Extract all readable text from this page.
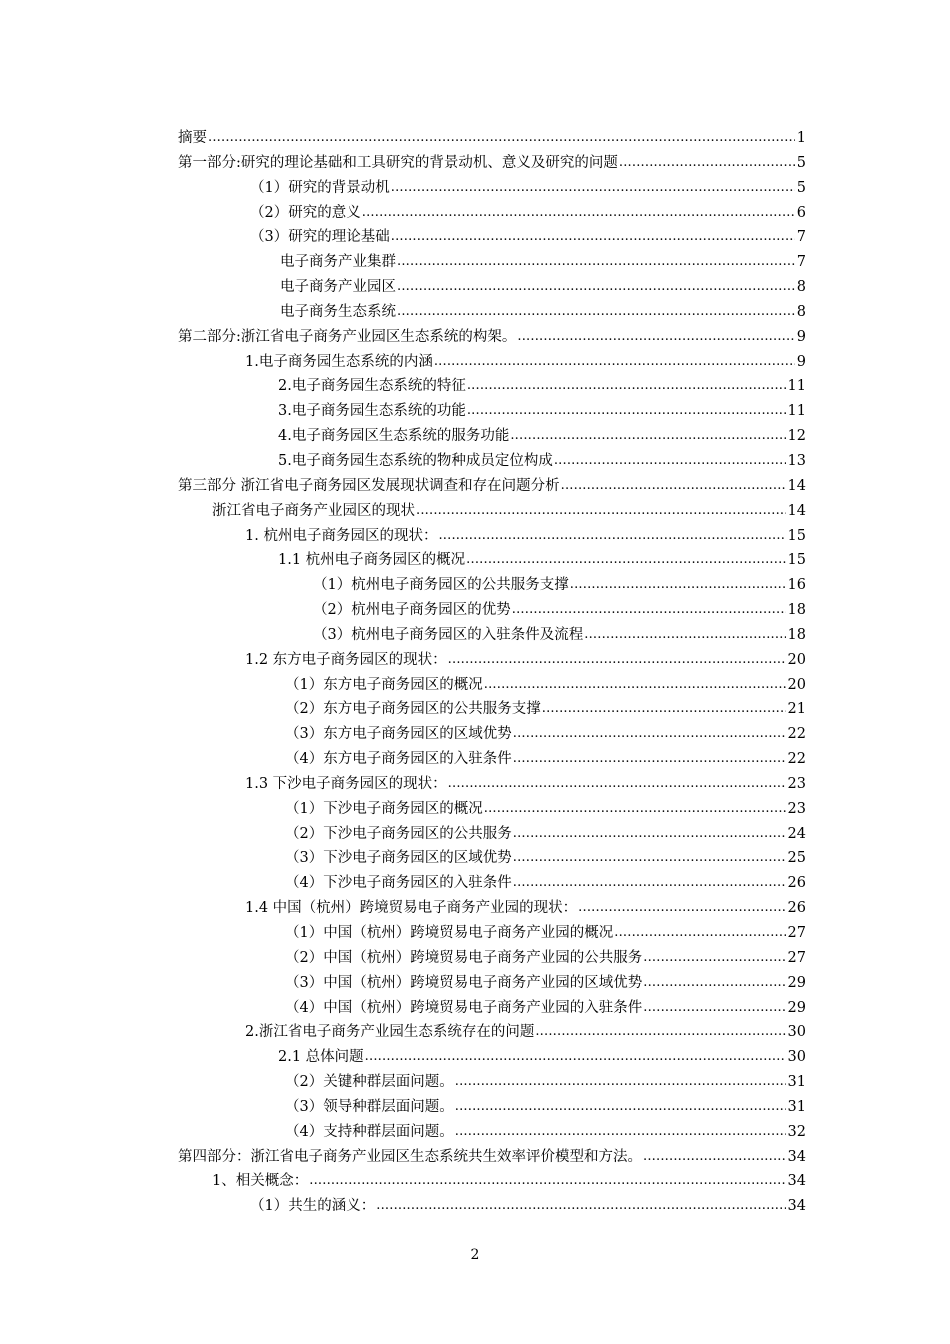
摘要 .....	1
第一部分:研究的理论基础和工具研究的背景动机、意义及研究的问题 .....	5
（1）研究的背景动机 .....	5
（2）研究的意义 .....	6
（3）研究的理论基础 .....	7
电子商务产业集群 .....	7
电子商务产业园区 .....	8
电子商务生态系统 .....	8
第二部分:浙江省电子商务产业园区生态系统的构架。 .....	9
1.电子商务园生态系统的内涵 .....	9
2.电子商务园生态系统的特征 .....	11
3.电子商务园生态系统的功能 .....	11
4.电子商务园区生态系统的服务功能 .....	12
5.电子商务园生态系统的物种成员定位构成 .....	13
第三部分 浙江省电子商务园区发展现状调查和存在问题分析 .....	14
浙江省电子商务产业园区的现状 .....	14
1. 杭州电子商务园区的现状： .....	15
1.1 杭州电子商务园区的概况 .....	15
（1）杭州电子商务园区的公共服务支撑 .....	16
（2）杭州电子商务园区的优势 .....	18
（3）杭州电子商务园区的入驻条件及流程 .....	18
1.2 东方电子商务园区的现状： .....	20
（1）东方电子商务园区的概况 .....	20
（2）东方电子商务园区的公共服务支撑 .....	21
（3）东方电子商务园区的区域优势 .....	22
（4）东方电子商务园区的入驻条件 .....	22
1.3 下沙电子商务园区的现状： .....	23
（1）下沙电子商务园区的概况 .....	23
（2）下沙电子商务园区的公共服务 .....	24
（3）下沙电子商务园区的区域优势 .....	25
（4）下沙电子商务园区的入驻条件 .....	26
1.4 中国（杭州）跨境贸易电子商务产业园的现状： .....	26
（1）中国（杭州）跨境贸易电子商务产业园的概况 .....	27
（2）中国（杭州）跨境贸易电子商务产业园的公共服务 .....	27
（3）中国（杭州）跨境贸易电子商务产业园的区域优势 .....	29
（4）中国（杭州）跨境贸易电子商务产业园的入驻条件 .....	29
2.浙江省电子商务产业园生态系统存在的问题 .....	30
2.1 总体问题 .....	30
（2）关键种群层面问题。 .....	31
（3）领导种群层面问题。 .....	31
（4）支持种群层面问题。 .....	32
第四部分：浙江省电子商务产业园区生态系统共生效率评价模型和方法。 .....	34
1、相关概念： .....	34
（1）共生的涵义： .....	34
2
